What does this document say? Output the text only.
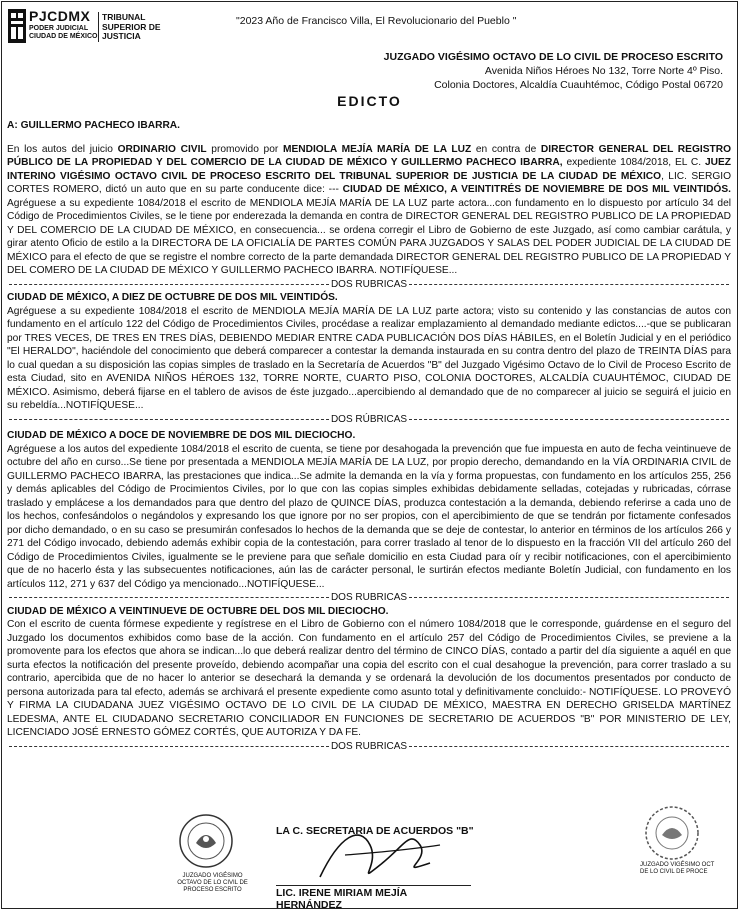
PJCDMX
PODER JUDICIAL
CIUDAD DE MÉXICO
TRIBUNAL
SUPERIOR DE
JUSTICIA
"2023 Año de Francisco Villa, El Revolucionario del Pueblo "
JUZGADO VIGÉSIMO OCTAVO DE LO CIVIL DE PROCESO ESCRITO
Avenida Niños Héroes No 132, Torre Norte 4º Piso.
Colonia Doctores, Alcaldía Cuauhtémoc, Código Postal 06720
EDICTO

A: GUILLERMO PACHECO IBARRA.

En los autos del juicio ORDINARIO CIVIL promovido por MENDIOLA MEJÍA MARÍA DE LA LUZ en contra de DIRECTOR GENERAL DEL REGISTRO PÚBLICO DE LA PROPIEDAD Y DEL COMERCIO DE LA CIUDAD DE MÉXICO Y GUILLERMO PACHECO IBARRA, expediente 1084/2018, EL C. JUEZ INTERINO VIGÉSIMO OCTAVO CIVIL DE PROCESO ESCRITO DEL TRIBUNAL SUPERIOR DE JUSTICIA DE LA CIUDAD DE MÉXICO, LIC. SERGIO CORTES ROMERO, dictó un auto que en su parte conducente dice: --- CIUDAD DE MÉXICO, A VEINTITRÉS DE NOVIEMBRE DE DOS MIL VEINTIDÓS. Agréguese a su expediente 1084/2018 el escrito de MENDIOLA MEJÍA MARÍA DE LA LUZ parte actora...con fundamento en lo dispuesto por artículo 34 del Código de Procedimientos Civiles, se le tiene por enderezada la demanda en contra de DIRECTOR GENERAL DEL REGISTRO PUBLICO DE LA PROPIEDAD Y DEL COMERCIO DE LA CIUDAD DE MÉXICO, en consecuencia... se ordena corregir el Libro de Gobierno de este Juzgado, así como cambiar carátula, y girar atento Oficio de estilo a la DIRECTORA DE LA OFICIALÍA DE PARTES COMÚN PARA JUZGADOS Y SALAS DEL PODER JUDICIAL DE LA CIUDAD DE MÉXICO para el efecto de que se registre el nombre correcto de la parte demandada DIRECTOR GENERAL DEL REGISTRO PUBLICO DE LA PROPIEDAD Y DEL COMERO DE LA CIUDAD DE MÉXICO Y GUILLERMO PACHECO IBARRA. NOTIFÍQUESE...

DOS RUBRICAS

CIUDAD DE MÉXICO, A DIEZ DE OCTUBRE DE DOS MIL VEINTIDÓS.

Agréguese a su expediente 1084/2018 el escrito de MENDIOLA MEJÍA MARÍA DE LA LUZ parte actora; visto su contenido y las constancias de autos con fundamento en el artículo 122 del Código de Procedimientos Civiles, procédase a realizar emplazamiento al demandado mediante edictos....-que se publicaran por TRES VECES, DE TRES EN TRES DÍAS, DEBIENDO MEDIAR ENTRE CADA PUBLICACIÓN DOS DÍAS HÁBILES, en el Boletín Judicial y en el periódico "El HERALDO", haciéndole del conocimiento que deberá comparecer a contestar la demanda instaurada en su contra dentro del plazo de TREINTA DÍAS para lo cual quedan a su disposición las copias simples de traslado en la Secretaría de Acuerdos "B" del Juzgado Vigésimo Octavo de lo Civil de Proceso Escrito de esta Ciudad, sito en AVENIDA NIÑOS HÉROES 132, TORRE NORTE, CUARTO PISO, COLONIA DOCTORES, ALCALDÍA CUAUHTÉMOC, CIUDAD DE MÉXICO. Asimismo, deberá fijarse en el tablero de avisos de éste juzgado...apercibiendo al demandado que de no comparecer al juicio se seguirá el juicio en su rebeldía...NOTIFÍQUESE...

DOS RÚBRICAS

CIUDAD DE MÉXICO A DOCE DE NOVIEMBRE DE DOS MIL DIECIOCHO.

Agréguese a los autos del expediente 1084/2018 el escrito de cuenta, se tiene por desahogada la prevención que fue impuesta en auto de fecha veintinueve de octubre del año en curso...Se tiene por presentada a MENDIOLA MEJÍA MARÍA DE LA LUZ, por propio derecho, demandando en la VÍA ORDINARIA CIVIL de GUILLERMO PACHECO IBARRA, las prestaciones que indica...Se admite la demanda en la vía y forma propuestas, con fundamento en los artículos 255, 256 y demás aplicables del Código de Procimientos Civiles, por lo que con las copias simples exhibidas debidamente selladas, cotejadas y rubricadas, córrase traslado y emplácese a los demandados para que dentro del plazo de QUINCE DÍAS, produzca contestación a la demanda, debiendo referirse a cada uno de los hechos, confesándolos o negándolos y expresando los que ignore por no ser propios, con el apercibimiento de que se tendrán por fictamente confesados por dicho demandado, o en su caso se presumirán confesados lo hechos de la demanda que se deje de contestar, lo anterior en términos de los artículos 266 y 271 del Código invocado, debiendo además exhibir copia de la contestación, para correr traslado al tenor de lo dispuesto en la fracción VII del artículo 260 del Código de Procedimientos Civiles, igualmente se le previene para que señale domicilio en esta Ciudad para oír y recibir notificaciones, con el apercibimiento que de no hacerlo ésta y las subsecuentes notificaciones, aún las de carácter personal, le surtirán efectos mediante Boletín Judicial, con fundamento en los artículos 112, 271 y 637 del Código ya mencionado...NOTIFÍQUESE...

DOS RUBRICAS

CIUDAD DE MÉXICO A VEINTINUEVE DE OCTUBRE DEL DOS MIL DIECIOCHO.

Con el escrito de cuenta fórmese expediente y regístrese en el Libro de Gobierno con el número 1084/2018 que le corresponde, guárdense en el seguro del Juzgado los documentos exhibidos como base de la acción. Con fundamento en el artículo 257 del Código de Procedimientos Civiles, se previene a la promovente para los efectos que ahora se indican...lo que deberá realizar dentro del término de CINCO DÍAS, contado a partir del día siguiente a aquél en que surta efectos la notificación del presente proveído, debiendo acompañar una copia del escrito con el cual desahogue la prevención, para correr traslado a su contrario, apercibida que de no hacer lo anterior se desechará la demanda y se ordenará la devolución de los documentos presentados por conducto de persona autorizada para tal efecto, además se archivará el presente expediente como asunto total y definitivamente concluido:- NOTIFÍQUESE. LO PROVEYÓ Y FIRMA LA CIUDADANA JUEZ VIGÉSIMO OCTAVO DE LO CIVIL DE LA CIUDAD DE MÉXICO, MAESTRA EN DERECHO GRISELDA MARTÍNEZ LEDESMA, ANTE EL CIUDADANO SECRETARIO CONCILIADOR EN FUNCIONES DE SECRETARIO DE ACUERDOS "B" POR MINISTERIO DE LEY, LICENCIADO JOSÉ ERNESTO GÓMEZ CORTÉS, QUE AUTORIZA Y DA FE.

DOS RUBRICAS
JUZGADO VIGÉSIMO OCTAVO DE LO CIVIL DE PROCESO ESCRITO
LA C. SECRETARIA DE ACUERDOS "B"
LIC. IRENE MIRIAM MEJÍA HERNÁNDEZ
JUZGADO VIGÉSIMO OCT DE LO CIVIL DE PROCE
